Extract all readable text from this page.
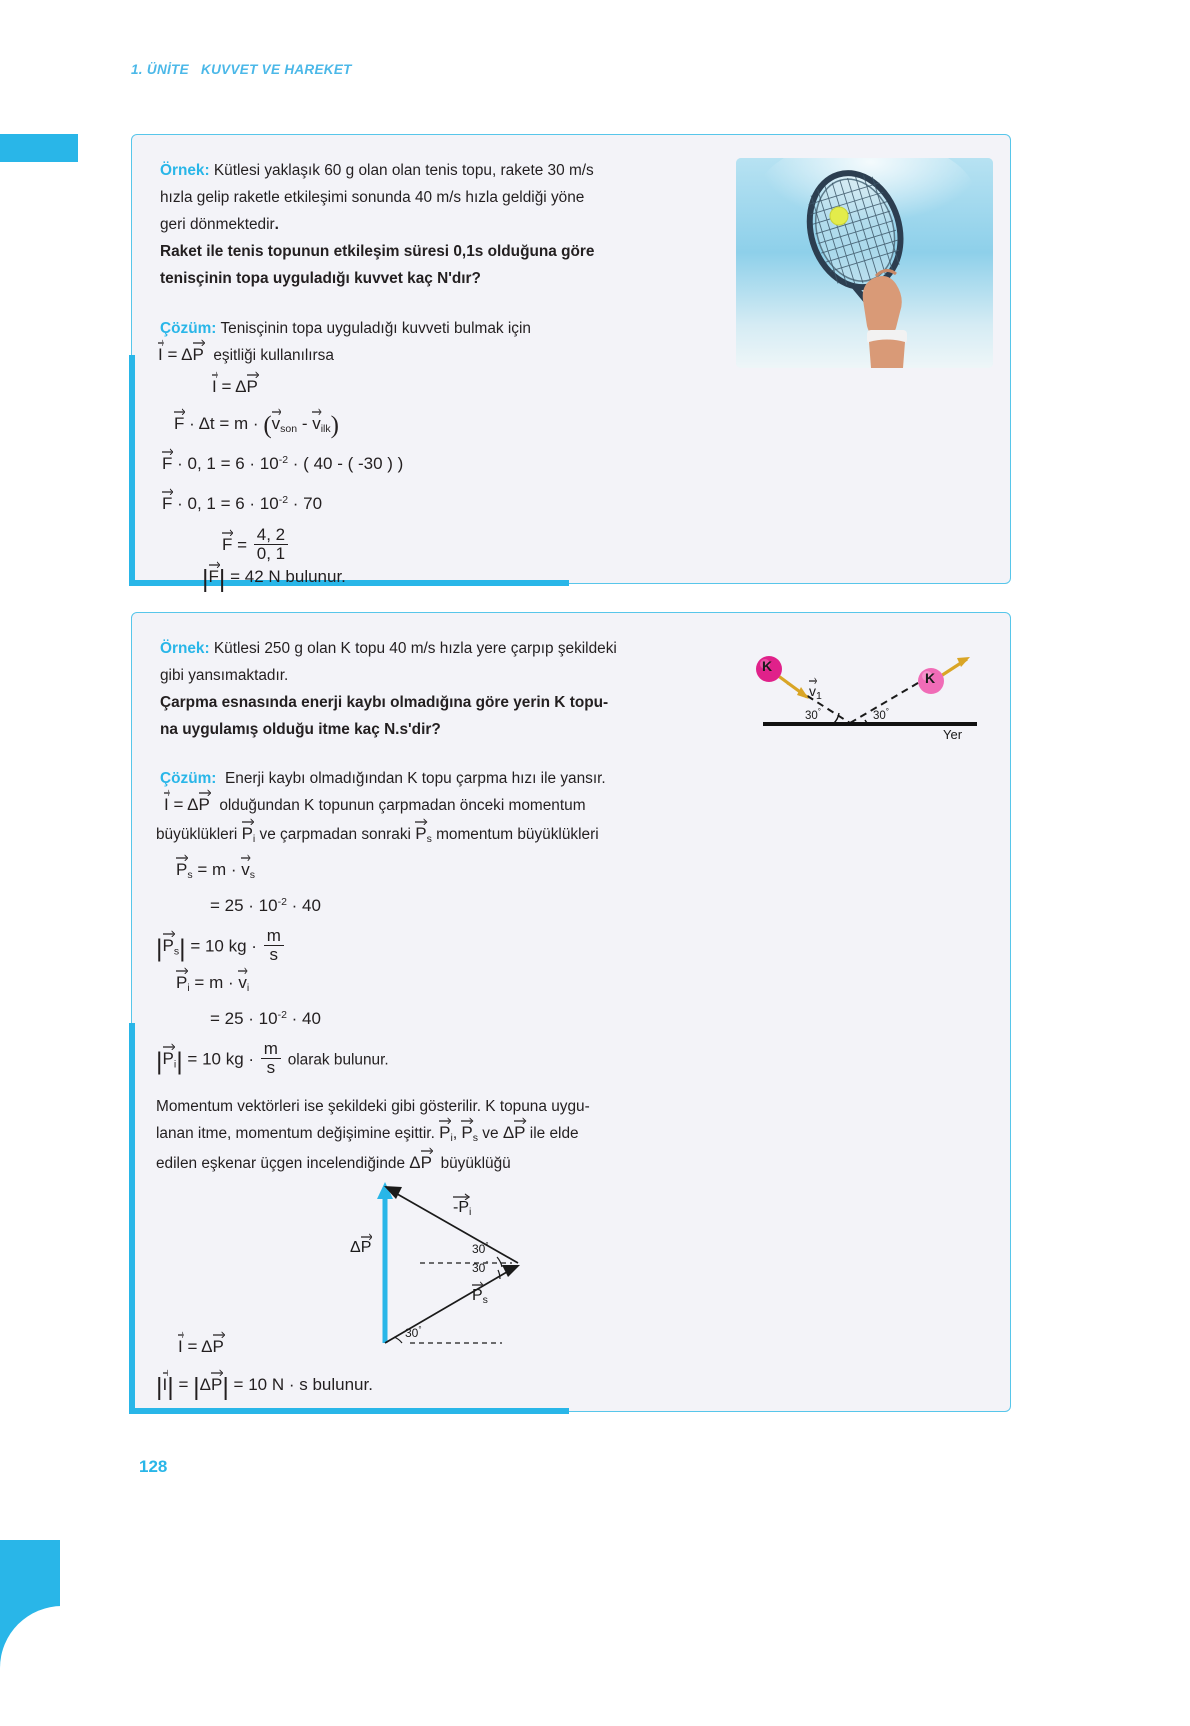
1. ÜNİTE   KUVVET VE HAREKET
Örnek: Kütlesi yaklaşık 60 g olan olan tenis topu, rakete 30 m/s
hızla gelip raketle etkileşimi sonunda 40 m/s hızla geldiği yöne
geri dönmektedir.
Raket ile tenis topunun etkileşim süresi 0,1s olduğuna göre
tenisçinin topa uyguladığı kuvvet kaç N'dır?
Çözüm: Tenisçinin topa uyguladığı kuvveti bulmak için
I = Δ
P eşitliği kullanılırsa
I = Δ
P
F · Δt = m · (
$v_{son} - v_{ilk}$)
F · 0, $1 = 6 \cdot 10^{-2}$ · ( 40 - ( -30 ) )
F · 0, $1 = 6 \cdot 10^{-2} \cdot 70$
$F = \frac{4, 2}{0, 1}$
|
F| = 42 N bulunur.
Örnek: Kütlesi 250 g olan K topu 40 m/s hızla yere çarpıp şekildeki
gibi yansımaktadır.
Çarpma esnasında enerji kaybı olmadığına göre yerin K topu-
na uygulamış olduğu itme kaç N.s'dir?
Çözüm: Enerji kaybı olmadığından K topu çarpma hızı ile yansır.
I = Δ
P olduğundan K topunun çarpmadan önceki momentum
büyüklükleri $P_i$ ve çarpmadan sonraki $P_s$ momentum büyüklükleri
$P_s = m \cdot v_s$
= $25 \cdot 10^{-2} \cdot 40$
|
$P_s| = 10$ kg · $\frac{m}{s}$
$P_i = m \cdot v_i$
= $25 \cdot 10^{-2} \cdot 40$
|
$P_i| = 10$ kg · $\frac{m}{s}$ olarak bulunur.
Momentum vektörleri ise şekildeki gibi gösterilir. K topuna uygu-
lanan itme, momentum değişimine eşittir. $P_i$, $P_s$ ve Δ
P ile elde
edilen eşkenar üçgen incelendiğinde Δ
P büyüklüğü
I = Δ
P
|
I| = |Δ
P| = 10 N · s bulunur.
K
K
$v_1$
30°	30°
Yer
Δ
P
$-P_i$
$P_s$
30°
30°
30°
128
